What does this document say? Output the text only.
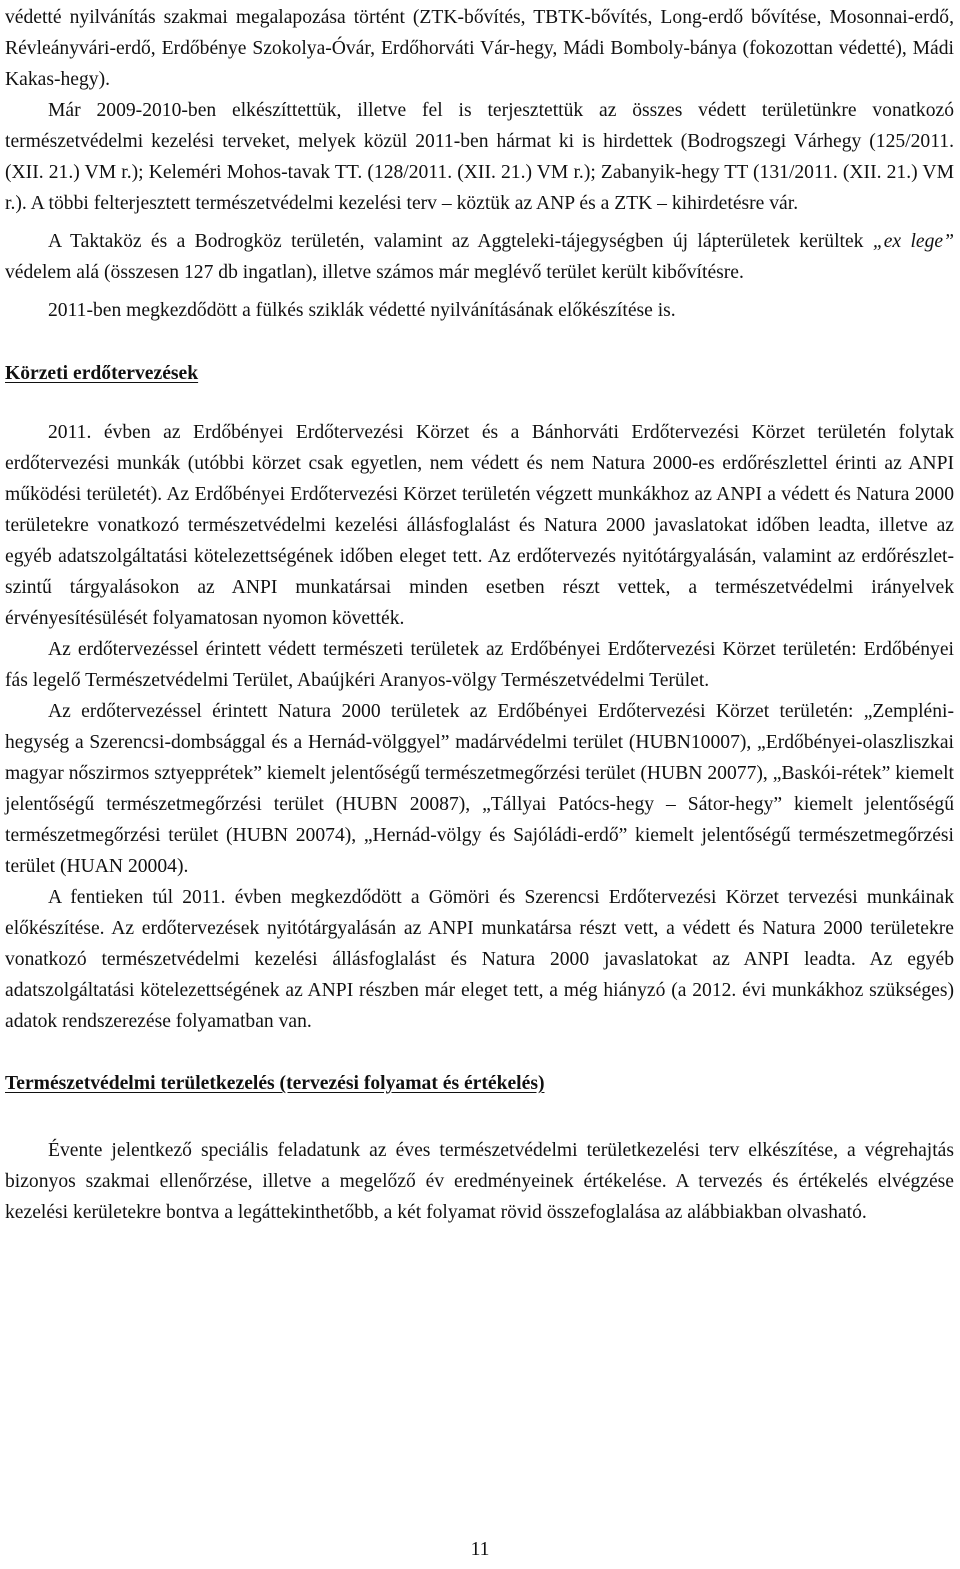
védetté nyilvánítás szakmai megalapozása történt (ZTK-bővítés, TBTK-bővítés, Long-erdő bővítése, Mosonnai-erdő, Révleányvári-erdő, Erdőbénye Szokolya-Óvár, Erdőhorváti Vár-hegy, Mádi Bomboly-bánya (fokozottan védetté), Mádi Kakas-hegy).

Már 2009-2010-ben elkészíttettük, illetve fel is terjesztettük az összes védett területünkre vonatkozó természetvédelmi kezelési terveket, melyek közül 2011-ben hármat ki is hirdettek (Bodrogszegi Várhegy (125/2011. (XII. 21.) VM r.); Keleméri Mohos-tavak TT. (128/2011. (XII. 21.) VM r.); Zabanyik-hegy TT (131/2011. (XII. 21.) VM r.). A többi felterjesztett természetvédelmi kezelési terv – köztük az ANP és a ZTK – kihirdetésre vár.

A Taktaköz és a Bodrogköz területén, valamint az Aggteleki-tájegységben új lápterületek kerültek „ex lege” védelem alá (összesen 127 db ingatlan), illetve számos már meglévő terület került kibővítésre.

2011-ben megkezdődött a fülkés sziklák védetté nyilvánításának előkészítése is.

Körzeti erdőtervezések

2011. évben az Erdőbényei Erdőtervezési Körzet és a Bánhorváti Erdőtervezési Körzet területén folytak erdőtervezési munkák (utóbbi körzet csak egyetlen, nem védett és nem Natura 2000-es erdőrészlettel érinti az ANPI működési területét). Az Erdőbényei Erdőtervezési Körzet területén végzett munkákhoz az ANPI a védett és Natura 2000 területekre vonatkozó természetvédelmi kezelési állásfoglalást és Natura 2000 javaslatokat időben leadta, illetve az egyéb adatszolgáltatási kötelezettségének időben eleget tett. Az erdőtervezés nyitótárgyalásán, valamint az erdőrészlet-szintű tárgyalásokon az ANPI munkatársai minden esetben részt vettek, a természetvédelmi irányelvek érvényesítésülését folyamatosan nyomon követték.

Az erdőtervezéssel érintett védett természeti területek az Erdőbényei Erdőtervezési Körzet területén: Erdőbényei fás legelő Természetvédelmi Terület, Abaújkéri Aranyos-völgy Természetvédelmi Terület.

Az erdőtervezéssel érintett Natura 2000 területek az Erdőbényei Erdőtervezési Körzet területén: „Zempléni-hegység a Szerencsi-dombsággal és a Hernád-völggyel” madárvédelmi terület (HUBN10007), „Erdőbényei-olaszliszkai magyar nőszirmos sztyepprétek” kiemelt jelentőségű természetmegőrzési terület (HUBN 20077), „Baskói-rétek” kiemelt jelentőségű természetmegőrzési terület (HUBN 20087), „Tállyai Patócs-hegy – Sátor-hegy” kiemelt jelentőségű természetmegőrzési terület (HUBN 20074), „Hernád-völgy és Sajóládi-erdő” kiemelt jelentőségű természetmegőrzési terület (HUAN 20004).

A fentieken túl 2011. évben megkezdődött a Gömöri és Szerencsi Erdőtervezési Körzet tervezési munkáinak előkészítése. Az erdőtervezések nyitótárgyalásán az ANPI munkatársa részt vett, a védett és Natura 2000 területekre vonatkozó természetvédelmi kezelési állásfoglalást és Natura 2000 javaslatokat az ANPI leadta. Az egyéb adatszolgáltatási kötelezettségének az ANPI részben már eleget tett, a még hiányzó (a 2012. évi munkákhoz szükséges) adatok rendszerezése folyamatban van.

Természetvédelmi területkezelés (tervezési folyamat és értékelés)

Évente jelentkező speciális feladatunk az éves természetvédelmi területkezelési terv elkészítése, a végrehajtás bizonyos szakmai ellenőrzése, illetve a megelőző év eredményeinek értékelése. A tervezés és értékelés elvégzése kezelési kerületekre bontva a legáttekinthetőbb, a két folyamat rövid összefoglalása az alábbiakban olvasható.

11
